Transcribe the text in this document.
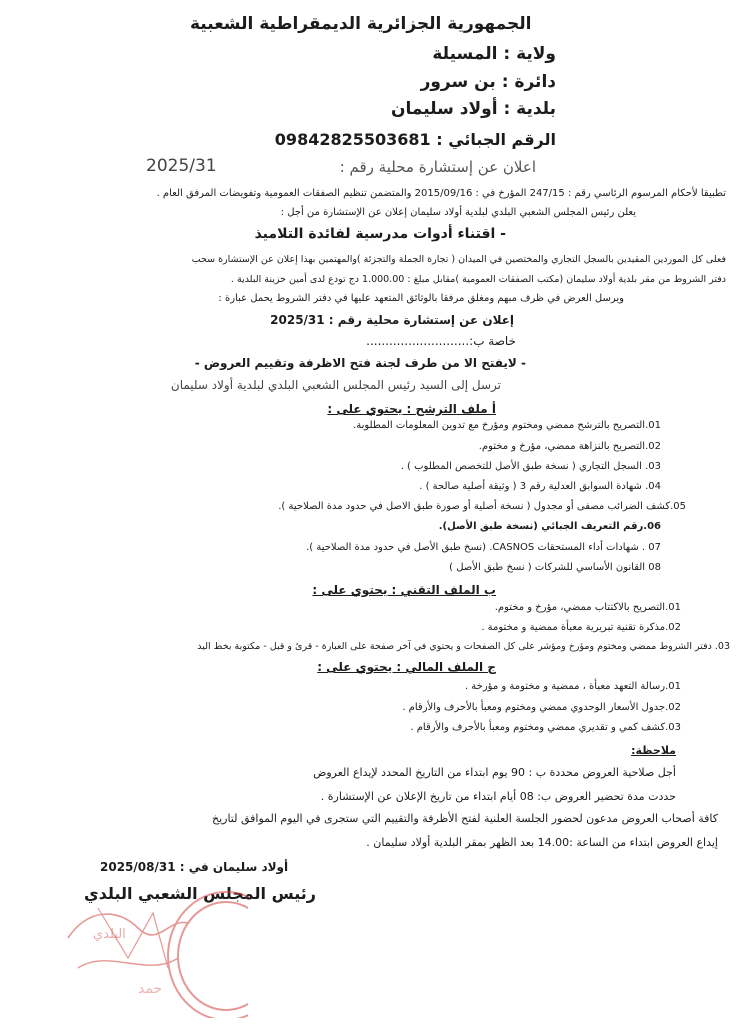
الجمهورية الجزائرية الديمقراطية الشعبية
ولاية : المسيلة
دائرة : بن سرور
بلدية : أولاد سليمان
الرقم الجبائي : 09842825503681
اعلان عن إستشارة محلية رقم :
2025/31
تطبيقا لأحكام المرسوم الرئاسي رقم : 247/15 المؤرخ في : 2015/09/16 والمتضمن تنظيم الصفقات العمومية وتفويضات المرفق العام .
يعلن رئيس المجلس الشعبي البلدي لبلدية أولاد سليمان إعلان عن الإستشارة من أجل :
- اقتناء أدوات مدرسية لفائدة التلاميذ
فعلى كل الموردين المقيدين بالسجل التجاري والمختصين في الميدان ( تجارة الجملة والتجزئة )والمهتمين بهذا إعلان عن الإستشارة سحب
دفتر الشروط من مقر بلدية أولاد سليمان (مكتب الصفقات العمومية )مقابل مبلغ : 1.000.00 دج تودع لدى أمين خزينة البلدية .
ويرسل العرض في ظرف مبهم ومغلق مرفقا بالوثائق المتعهد عليها في دفتر الشروط يحمل عبارة :
إعلان عن إستشارة محلية رقم : 2025/31
خاصة ب:...........................
- لايفتح الا من طرف لجنة فتح الاظرفة وتقييم العروض -
ترسل إلى السيد رئيس المجلس الشعبي البلدي لبلدية أولاد سليمان
أ ملف الترشح : يحتوي على :
01.التصريح بالترشح ممضي ومختوم ومؤرخ مع تدوين المعلومات المطلوبة.
02.التصريح بالنزاهة ممضي، مؤرخ و مختوم.
03. السجل التجاري ( نسخة طبق الأصل للتخصص المطلوب ) .
04. شهادة السوابق العدلية رقم 3 ( وثيقة أصلية صالحة ) .
05.كشف الضرائب مصفى أو مجدول ( نسخة أصلية أو صورة طبق الاصل في حدود مدة الصلاحية ).
06.رقم التعريف الجبائي (نسخة طبق الأصل).
07 . شهادات أداء المستحقات CASNOS. (نسخ طبق الأصل في حدود مدة الصلاحية ).
08 القانون الأساسي للشركات ( نسخ طبق الأصل )
ب الملف التقني : يحتوي على :
01.التصريح بالاكتتاب ممضي، مؤرخ و مختوم.
02.مذكرة تقنية تبريرية معبأة ممضية و مختومة .
03. دفتر الشروط ممضي ومختوم ومؤرخ ومؤشر على كل الصفحات و يحتوي في آخر صفحة على العبارة - قرئ و قبل - مكتوبة بخط اليد
ج الملف المالي : يحتوي على :
01.رسالة التعهد معبأة ، ممضية و مختومة و مؤرخة .
02.جدول الأسعار الوحدوي ممضي ومختوم ومعبأ بالأحرف والأرقام .
03.كشف كمي و تقديري ممضي ومختوم ومعبأ بالأحرف والأرقام .
ملاحظة:
أجل صلاحية العروض محددة ب : 90 يوم ابتداء من التاريخ المحدد لإيداع العروض
حددت مدة تحضير العروض ب: 08 أيام ابتداء من تاريخ الإعلان عن الإستشارة .
كافة أصحاب العروض مدعون لحضور الجلسة العلنية لفتح الأظرفة والتقييم التي ستجرى في اليوم الموافق لتاريخ
إيداع العروض ابتداء من الساعة :14.00 بعد الظهر بمقر البلدية أولاد سليمان .
أولاد سليمان في : 2025/08/31
رئيس المجلس الشعبي البلدي
البلدي
حمد
